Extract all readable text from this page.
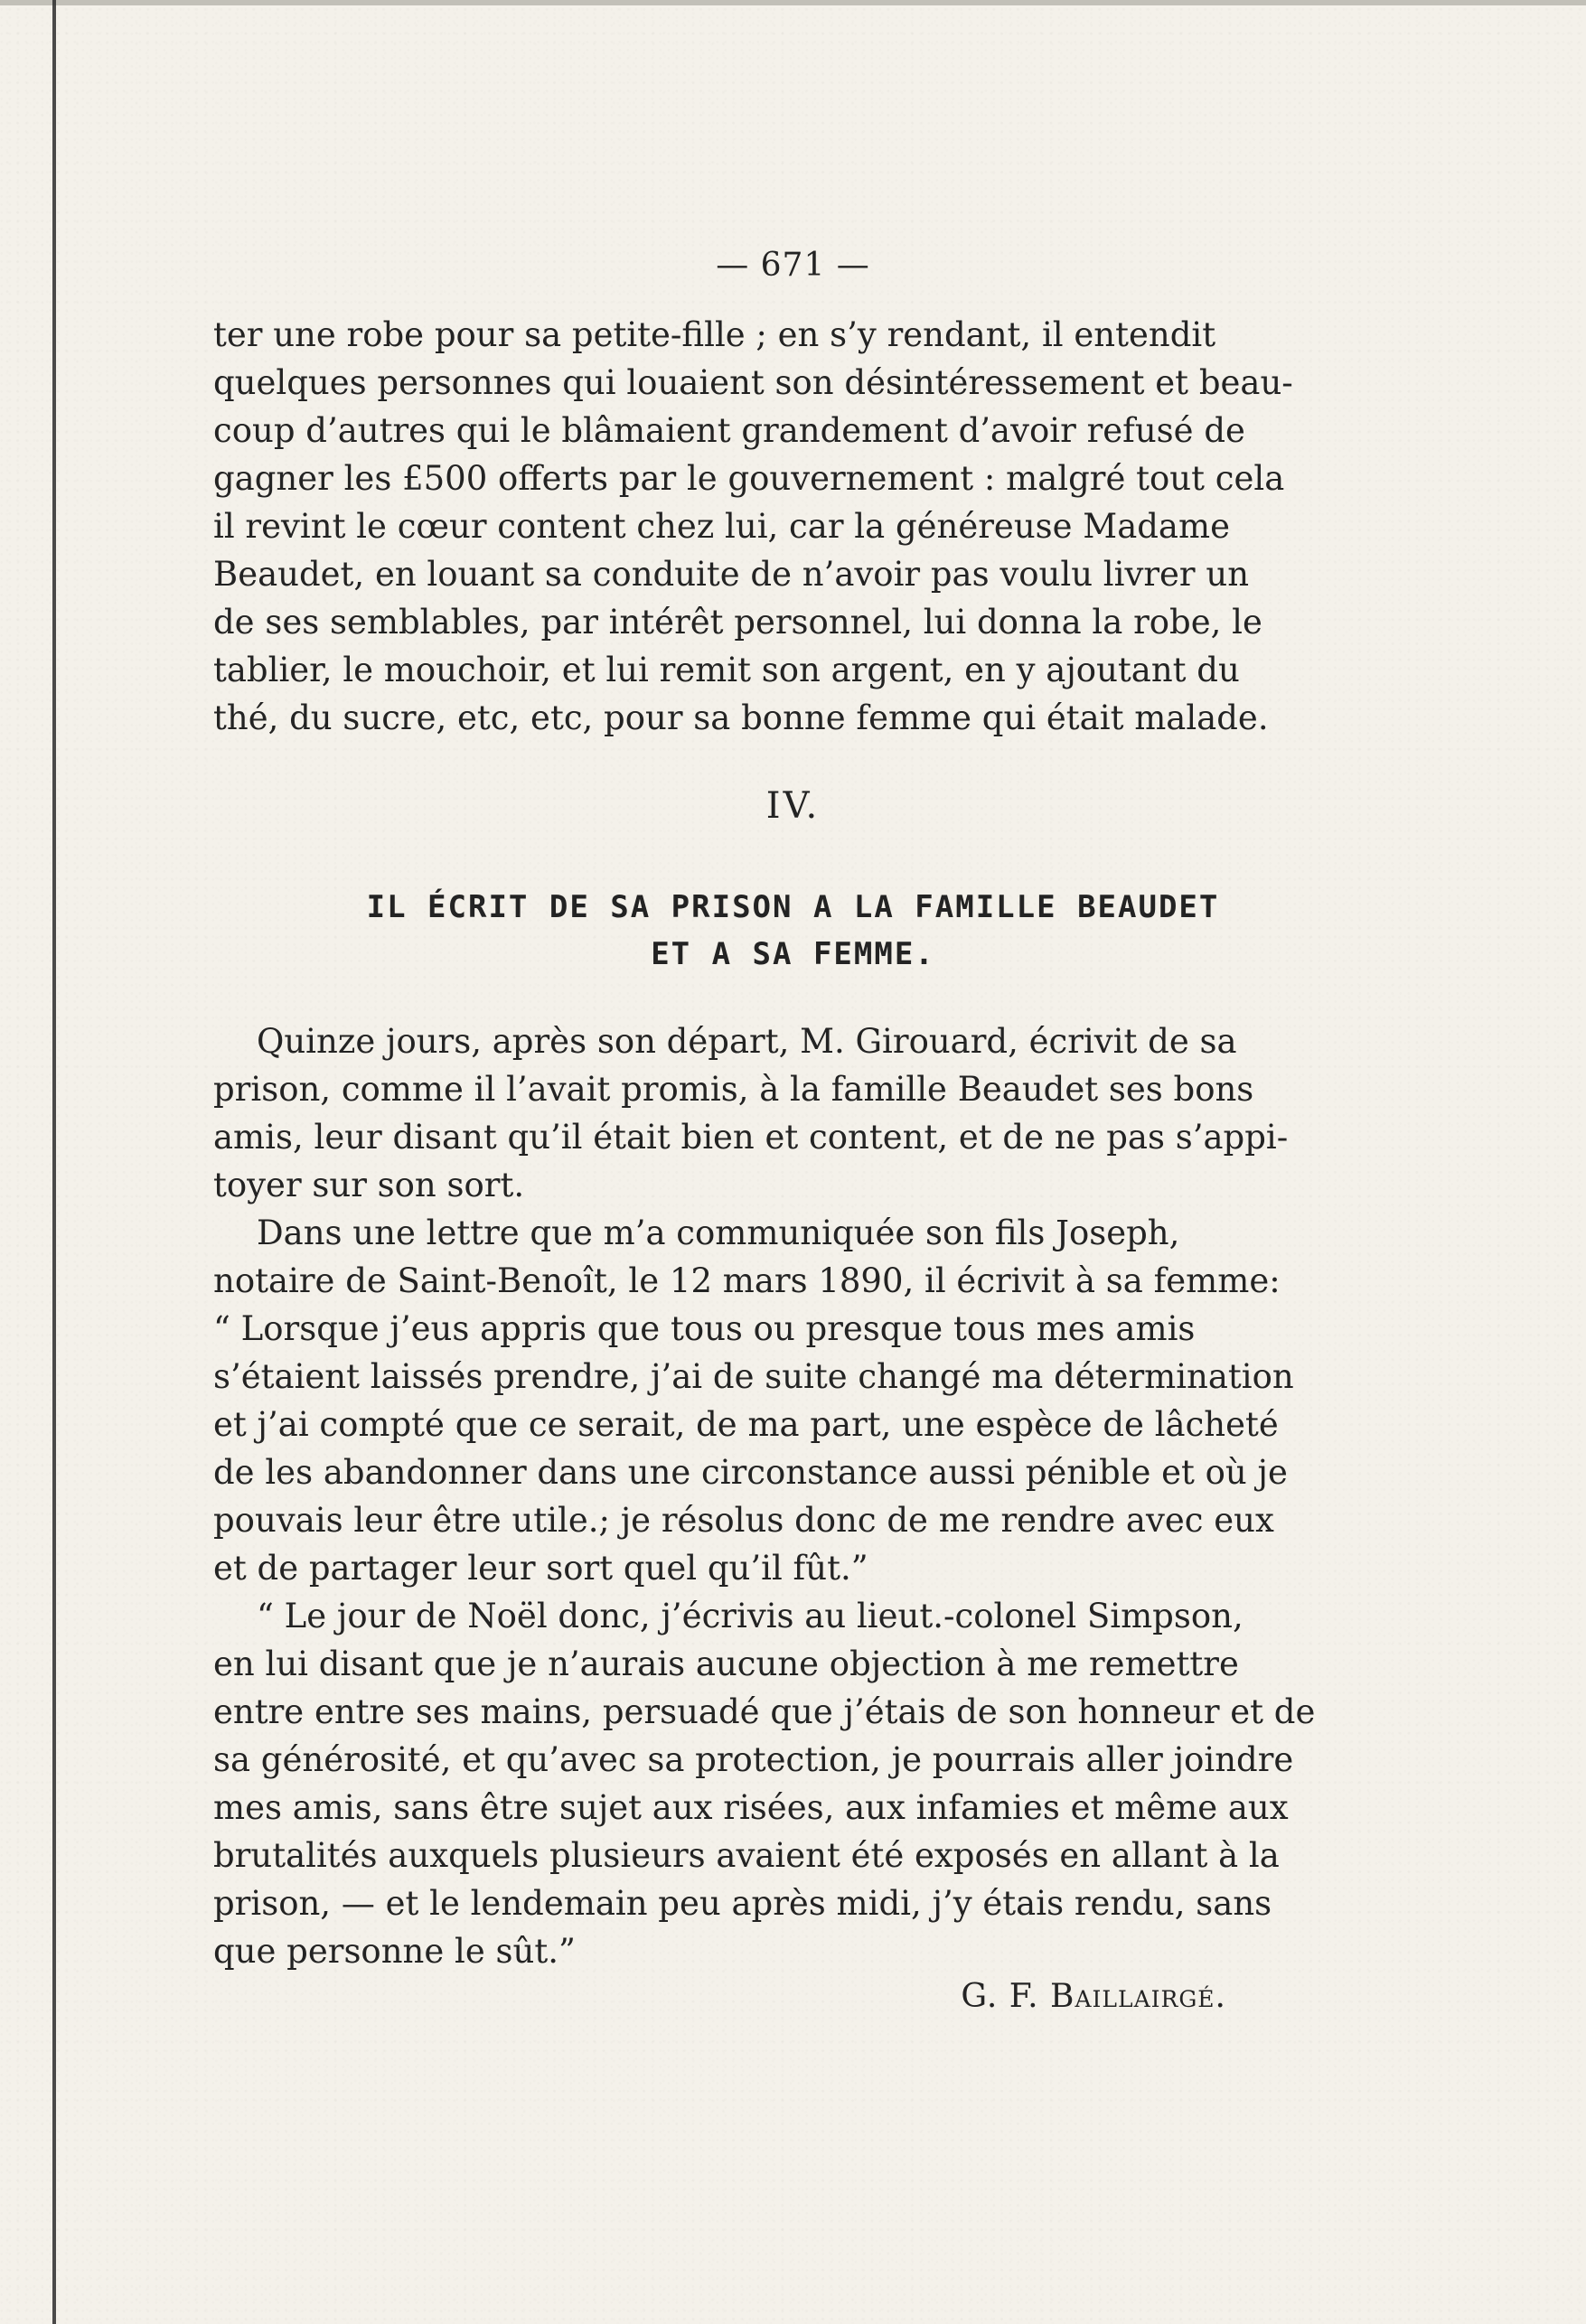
— 671 —
ter une robe pour sa petite-fille ; en s’y rendant, il entendit
quelques personnes qui louaient son désintéressement et beau-
coup d’autres qui le blâmaient grandement d’avoir refusé de
gagner les £500 offerts par le gouvernement : malgré tout cela
il revint le cœur content chez lui, car la généreuse Madame
Beaudet, en louant sa conduite de n’avoir pas voulu livrer un
de ses semblables, par intérêt personnel, lui donna la robe, le
tablier, le mouchoir, et lui remit son argent, en y ajoutant du
thé, du sucre, etc, etc, pour sa bonne femme qui était malade.
IV.
IL ÉCRIT DE SA PRISON A LA FAMILLE BEAUDET
ET A SA FEMME.
Quinze jours, après son départ, M. Girouard, écrivit de sa
prison, comme il l’avait promis, à la famille Beaudet ses bons
amis, leur disant qu’il était bien et content, et de ne pas s’appi-
toyer sur son sort.
Dans une lettre que m’a communiquée son fils Joseph,
notaire de Saint-Benoît, le 12 mars 1890, il écrivit à sa femme:
“ Lorsque j’eus appris que tous ou presque tous mes amis
s’étaient laissés prendre, j’ai de suite changé ma détermination
et j’ai compté que ce serait, de ma part, une espèce de lâcheté
de les abandonner dans une circonstance aussi pénible et où je
pouvais leur être utile.; je résolus donc de me rendre avec eux
et de partager leur sort quel qu’il fût.”
“ Le jour de Noël donc, j’écrivis au lieut.-colonel Simpson,
en lui disant que je n’aurais aucune objection à me remettre
entre entre ses mains, persuadé que j’étais de son honneur et de
sa générosité, et qu’avec sa protection, je pourrais aller joindre
mes amis, sans être sujet aux risées, aux infamies et même aux
brutalités auxquels plusieurs avaient été exposés en allant à la
prison, — et le lendemain peu après midi, j’y étais rendu, sans
que personne le sût.”
G. F. Baillairgé.
